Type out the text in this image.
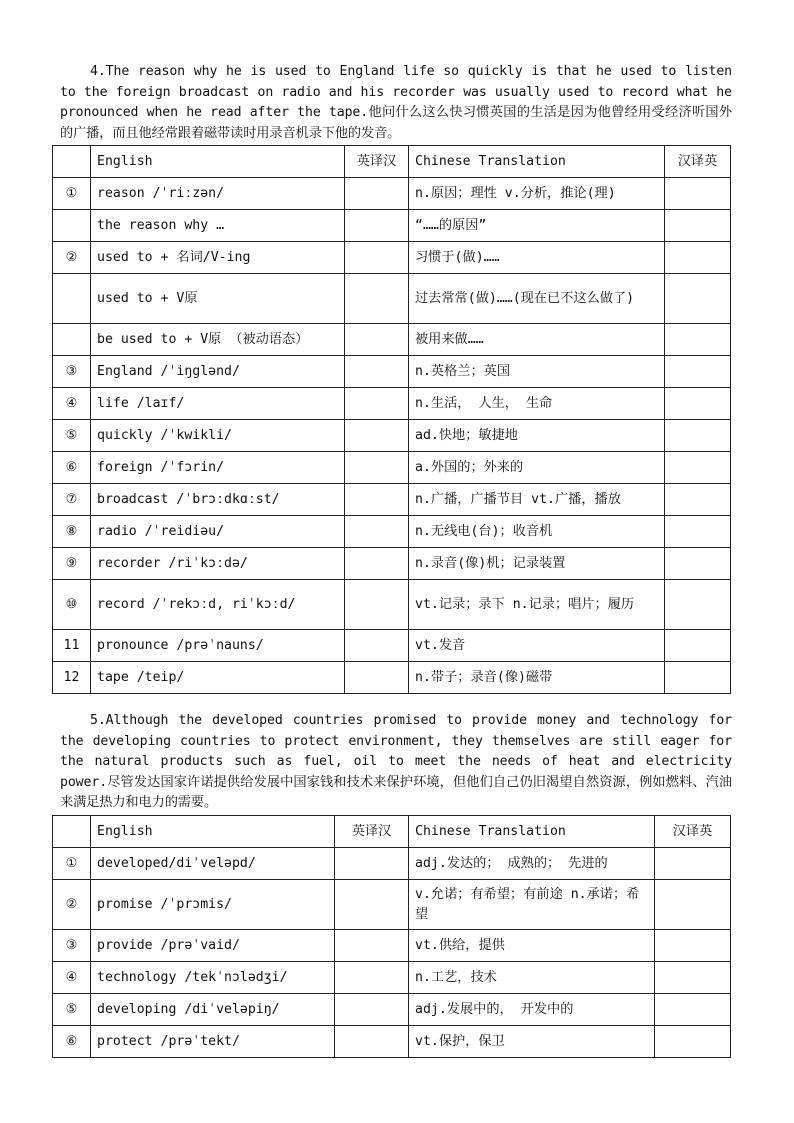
4.The reason why he is used to England life so quickly is that he used to listen to the foreign broadcast on radio and his recorder was usually used to record what he pronounced when he read after the tape.他问什么这么快习惯英国的生活是因为他曾经用受经济听国外的广播，而且他经常跟着磁带读时用录音机录下他的发音。
	English	英译汉	Chinese Translation	汉译英
①	reason /ˈriːzən/		n.原因；理性 v.分析，推论(理)	
	the reason why …		“……的原因”	
②	used to + 名词/V-ing		习惯于(做)……	
	used to + V原		过去常常(做)……(现在已不这么做了)	
	be used to + V原 （被动语态）		被用来做……	
③	England /ˈiŋglənd/		n.英格兰；英国	
④	life /laɪf/		n.生活， 人生， 生命	
⑤	quickly /ˈkwikli/		ad.快地；敏捷地	
⑥	foreign /ˈfɔrin/		a.外国的；外来的	
⑦	broadcast /ˈbrɔːdkɑːst/		n.广播，广播节目 vt.广播，播放	
⑧	radio /ˈreidiəu/		n.无线电(台)；收音机	
⑨	recorder /riˈkɔːdə/		n.录音(像)机；记录装置	
⑩	record /ˈrekɔːd, riˈkɔːd/		vt.记录；录下 n.记录；唱片；履历	
11	pronounce /prəˈnauns/		vt.发音	
12	tape /teip/		n.带子；录音(像)磁带	
5.Although the developed countries promised to provide money and technology for the developing countries to protect environment, they themselves are still eager for the natural products such as fuel, oil to meet the needs of heat and electricity power.尽管发达国家许诺提供给发展中国家钱和技术来保护环境，但他们自己仍旧渴望自然资源，例如燃料、汽油来满足热力和电力的需要。
	English	英译汉	Chinese Translation	汉译英
①	developed/diˈveləpd/		adj.发达的； 成熟的； 先进的	
②	promise /ˈprɔmis/		v.允诺；有希望；有前途 n.承诺；希望	
③	provide /prəˈvaid/		vt.供给，提供	
④	technology /tekˈnɔlədʒi/		n.工艺，技术	
⑤	developing /diˈveləpiŋ/		adj.发展中的， 开发中的	
⑥	protect /prəˈtekt/		vt.保护，保卫	
